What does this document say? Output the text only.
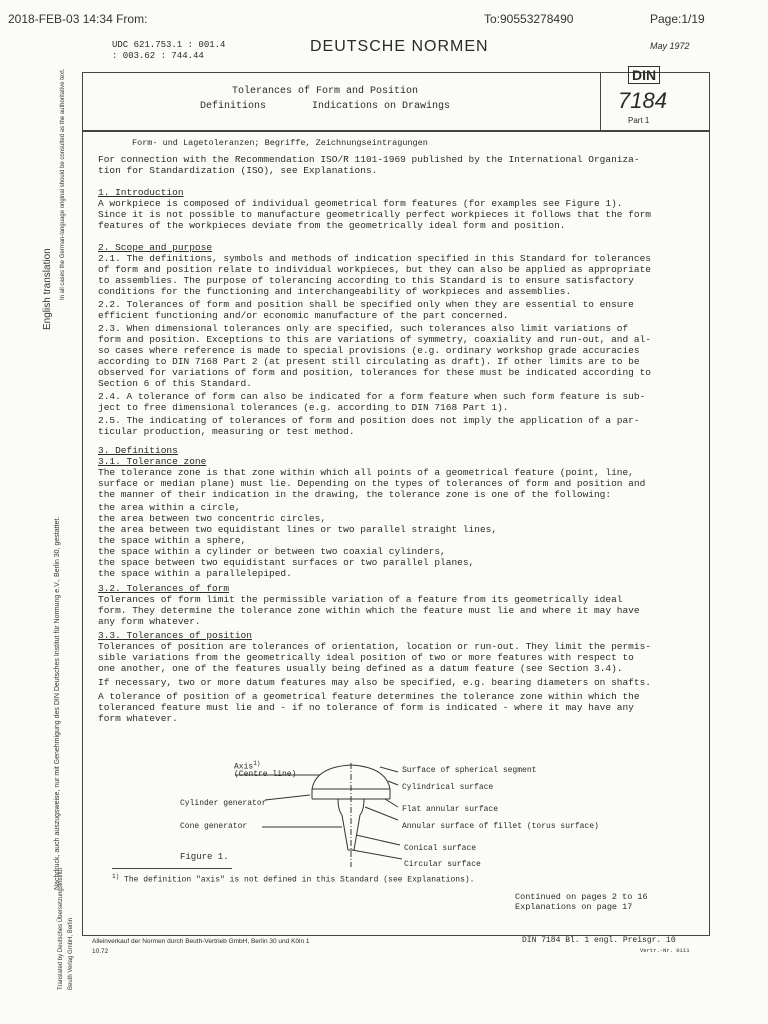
2018-FEB-03 14:34 From:	To:90553278490	Page:1/19
English translation In all cases the German-language original should be consulted as the authoritative text.
Nachdruck, auch auszugsweise, nur mit Genehmigung des DIN Deutsches Institut für Normung e.V., Berlin 30, gestattet.
Translated by Deutsches Übersetzungsinstitut Beuth Verlag GmbH, Berlin
UDC 621.753.1 : 001.4
: 003.62 : 744.44
DEUTSCHE NORMEN	May 1972
Tolerances of Form and Position
Definitions	Indications on Drawings
DIN
7184
Part 1
Form- und Lagetoleranzen; Begriffe, Zeichnungseintragungen
For connection with the Recommendation ISO/R 1101-1969 published by the International Organiza-
tion for Standardization (ISO), see Explanations.
1. Introduction
A workpiece is composed of individual geometrical form features (for examples see Figure 1).
Since it is not possible to manufacture geometrically perfect workpieces it follows that the form
features of the workpieces deviate from the geometrically ideal form and position.
2. Scope and purpose
2.1. The definitions, symbols and methods of indication specified in this Standard for tolerances
of form and position relate to individual workpieces, but they can also be applied as appropriate
to assemblies. The purpose of tolerancing according to this Standard is to ensure satisfactory
conditions for the functioning and interchangeability of workpieces and assemblies.
2.2. Tolerances of form and position shall be specified only when they are essential to ensure
efficient functioning and/or economic manufacture of the part concerned.
2.3. When dimensional tolerances only are specified, such tolerances also limit variations of
form and position. Exceptions to this are variations of symmetry, coaxiality and run-out, and al-
so cases where reference is made to special provisions (e.g. ordinary workshop grade accuracies
according to DIN 7168 Part 2 (at present still circulating as draft). If other limits are to be
observed for variations of form and position, tolerances for these must be indicated according to
Section 6 of this Standard.
2.4. A tolerance of form can also be indicated for a form feature when such form feature is sub-
ject to free dimensional tolerances (e.g. according to DIN 7168 Part 1).
2.5. The indicating of tolerances of form and position does not imply the application of a par-
ticular production, measuring or test method.
3. Definitions
3.1. Tolerance zone
The tolerance zone is that zone within which all points of a geometrical feature (point, line,
surface or median plane) must lie. Depending on the types of tolerances of form and position and
the manner of their indication in the drawing, the tolerance zone is one of the following:
the area within a circle,
the area between two concentric circles,
the area between two equidistant lines or two parallel straight lines,
the space within a sphere,
the space within a cylinder or between two coaxial cylinders,
the space between two equidistant surfaces or two parallel planes,
the space within a parallelepiped.
3.2. Tolerances of form
Tolerances of form limit the permissible variation of a feature from its geometrically ideal
form. They determine the tolerance zone within which the feature must lie and where it may have
any form whatever.
3.3. Tolerances of position
Tolerances of position are tolerances of orientation, location or run-out. They limit the permis-
sible variations from the geometrically ideal position of two or more features with respect to
one another, one of the features usually being defined as a datum feature (see Section 3.4).
If necessary, two or more datum features may also be specified, e.g. bearing diameters on shafts.
A tolerance of position of a geometrical feature determines the tolerance zone within which the
toleranced feature must lie and - if no tolerance of form is indicated - where it may have any
form whatever.
Axis$^{1)}$
(Centre line)
Cylinder generator
Cone generator
Figure 1.
Surface of spherical segment
Cylindrical surface
Flat annular surface
Annular surface of fillet (torus surface)
Conical surface
Circular surface
$^{1)}$ The definition "axis" is not defined in this Standard (see Explanations).
Continued on pages 2 to 16
Explanations on page 17
Alleinverkauf der Normen durch Beuth-Vertrieb GmbH, Berlin 30 und Köln 1
10.72
DIN 7184 Bl. 1 engl. Preisgr. 10
Vertr.-Nr. 0111
